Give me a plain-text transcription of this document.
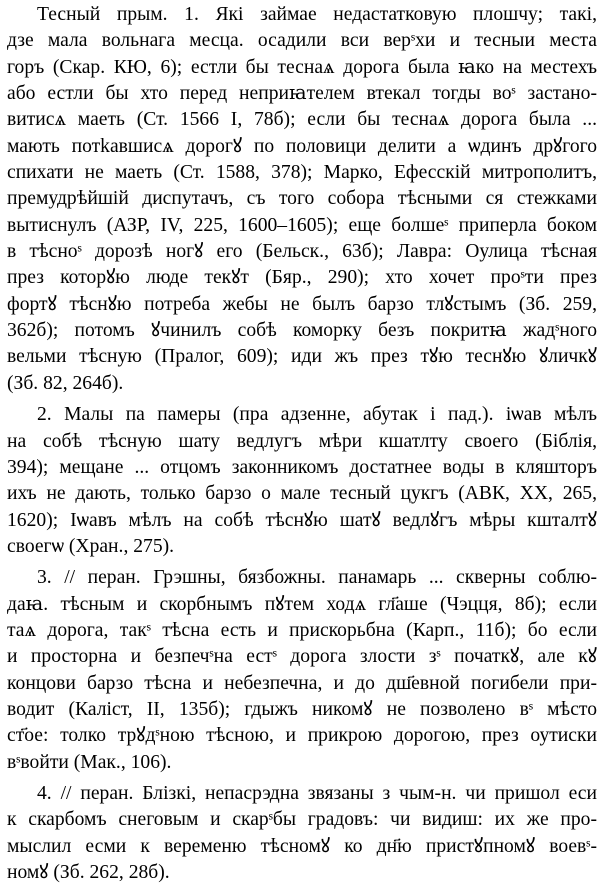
Тесный прым. 1. Якi займае недастатковую плошчу; такi,
дзе мала вольнага месца. осадили вси верˢхи и тесныи места
горъ (Скар. КЮ, 6); естли бы теснаѧ дорога была ꙗко на местехъ
або естли бы хто перед неприꙗтелем втекал тогды воˢ застано-
витисѧ маеть (Ст. 1566 I, 78б); если бы теснаѧ дорога была ...
мають потkавшисѧ дорогꙋ по половици делити а ѡдинъ дрꙋгого
спихати не маеть (Ст. 1588, 378); Марко, Ефесскiй митрополитъ,
премудрѣйшiй диспутачъ, съ того собора тѣсными ся стежками
вытиснулъ (АЗР, IV, 225, 1600–1605); еще болшеˢ приперла боком
в тѣсноˢ дорозѣ ногꙋ его (Бельск., 63б); Лавра: Оулица тѣсная
през которꙋю люде текꙋт (Бяр., 290); хто хочет проˢти през
фортꙋ тѣснꙋю потреба жебы не былъ барзо тлꙋстымъ (Зб. 259,
362б); потомъ ꙋчинилъ собѣ коморку безъ покритꙗ жадˢного
вельми тѣсную (Пралог, 609); иди жъ през тꙋю теснꙋю ꙋличкꙋ
(Зб. 82, 264б).
2. Малы па памеры (пра адзенне, абутак i пад.). iѡав мѣлъ
на собѣ тѣсную шату ведлугъ мѣри кшатлту своего (Бiблiя,
394); мещане ... отцомъ законникомъ достатнее воды в кляшторъ
ихъ не дають, только барзо о мале тесный цукгъ (АВК, ХХ, 265,
1620); Iѡавъ мѣлъ на собѣ тѣснꙋю шатꙋ ведлꙋгъ мѣры кшталтꙋ
своегѡ (Хран., 275).
3. // перан. Грэшны, бязбожны. панамарь ... скверны соблю-
даꙗ. тѣсным и скорбнымъ пꙋтем ходѧ гл҃аше (Чэцця, 8б); если
таѧ дорога, такˢ тѣсна есть и прискорьбна (Карп., 11б); бо если
и просторна и безпечˢна естˢ дорога злости зˢ початкꙋ, але кꙋ
концови барзо тѣсна и небезпечна, и до дш҃евной погибели при-
водит (Калiст, II, 135б); гдыжъ никомꙋ не позволено вˢ мѣсто
ст҃ое: толко трꙋдˢною тѣсною, и прикрою дорогою, през оутиски
вˢвойти (Мак., 106).
4. // перан. Блiзкi, непасрэдна звязаны з чым-н. чи пришол еси
к скарбомъ снеговым и скарˢбы градовъ: чи видиш: их же про-
мыслил есми к веременю тѣсномꙋ ко дн҃ю пристꙋпномꙋ воевˢ-
номꙋ (Зб. 262, 28б).
